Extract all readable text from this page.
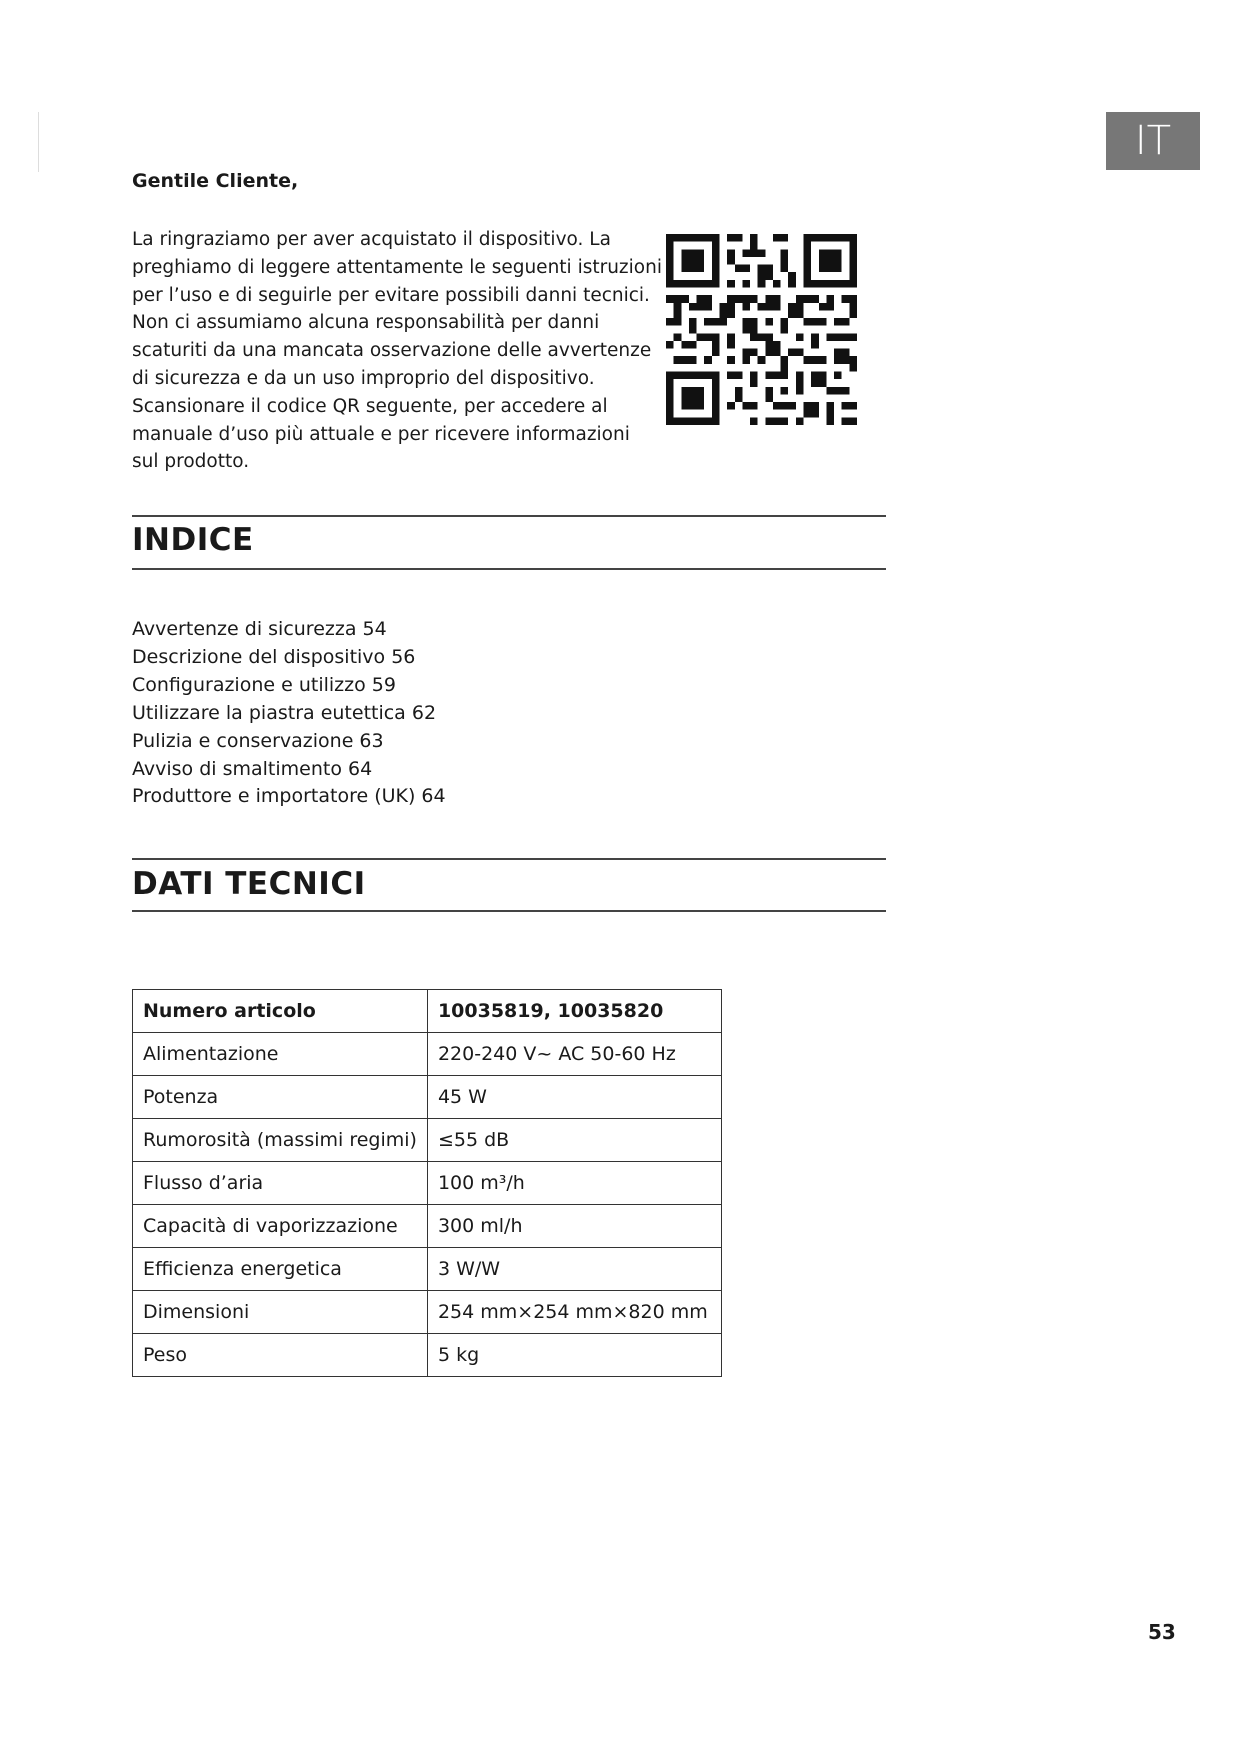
IT
Gentile Cliente,

La ringraziamo per aver acquistato il dispositivo. La
preghiamo di leggere attentamente le seguenti istruzioni
per l’uso e di seguirle per evitare possibili danni tecnici.
Non ci assumiamo alcuna responsabilità per danni
scaturiti da una mancata osservazione delle avvertenze
di sicurezza e da un uso improprio del dispositivo.
Scansionare il codice QR seguente, per accedere al
manuale d’uso più attuale e per ricevere informazioni
sul prodotto.

INDICE
Avvertenze di sicurezza 54
Descrizione del dispositivo 56
Configurazione e utilizzo 59
Utilizzare la piastra eutettica 62
Pulizia e conservazione 63
Avviso di smaltimento 64
Produttore e importatore (UK) 64
DATI TECNICI
Numero articolo	10035819, 10035820
Alimentazione	220-240 V~ AC 50-60 Hz
Potenza	45 W
Rumorosità (massimi regimi)	≤55 dB
Flusso d’aria	100 m³/h
Capacità di vaporizzazione	300 ml/h
Efficienza energetica	3 W/W
Dimensioni	254 mm×254 mm×820 mm
Peso	5 kg
53
